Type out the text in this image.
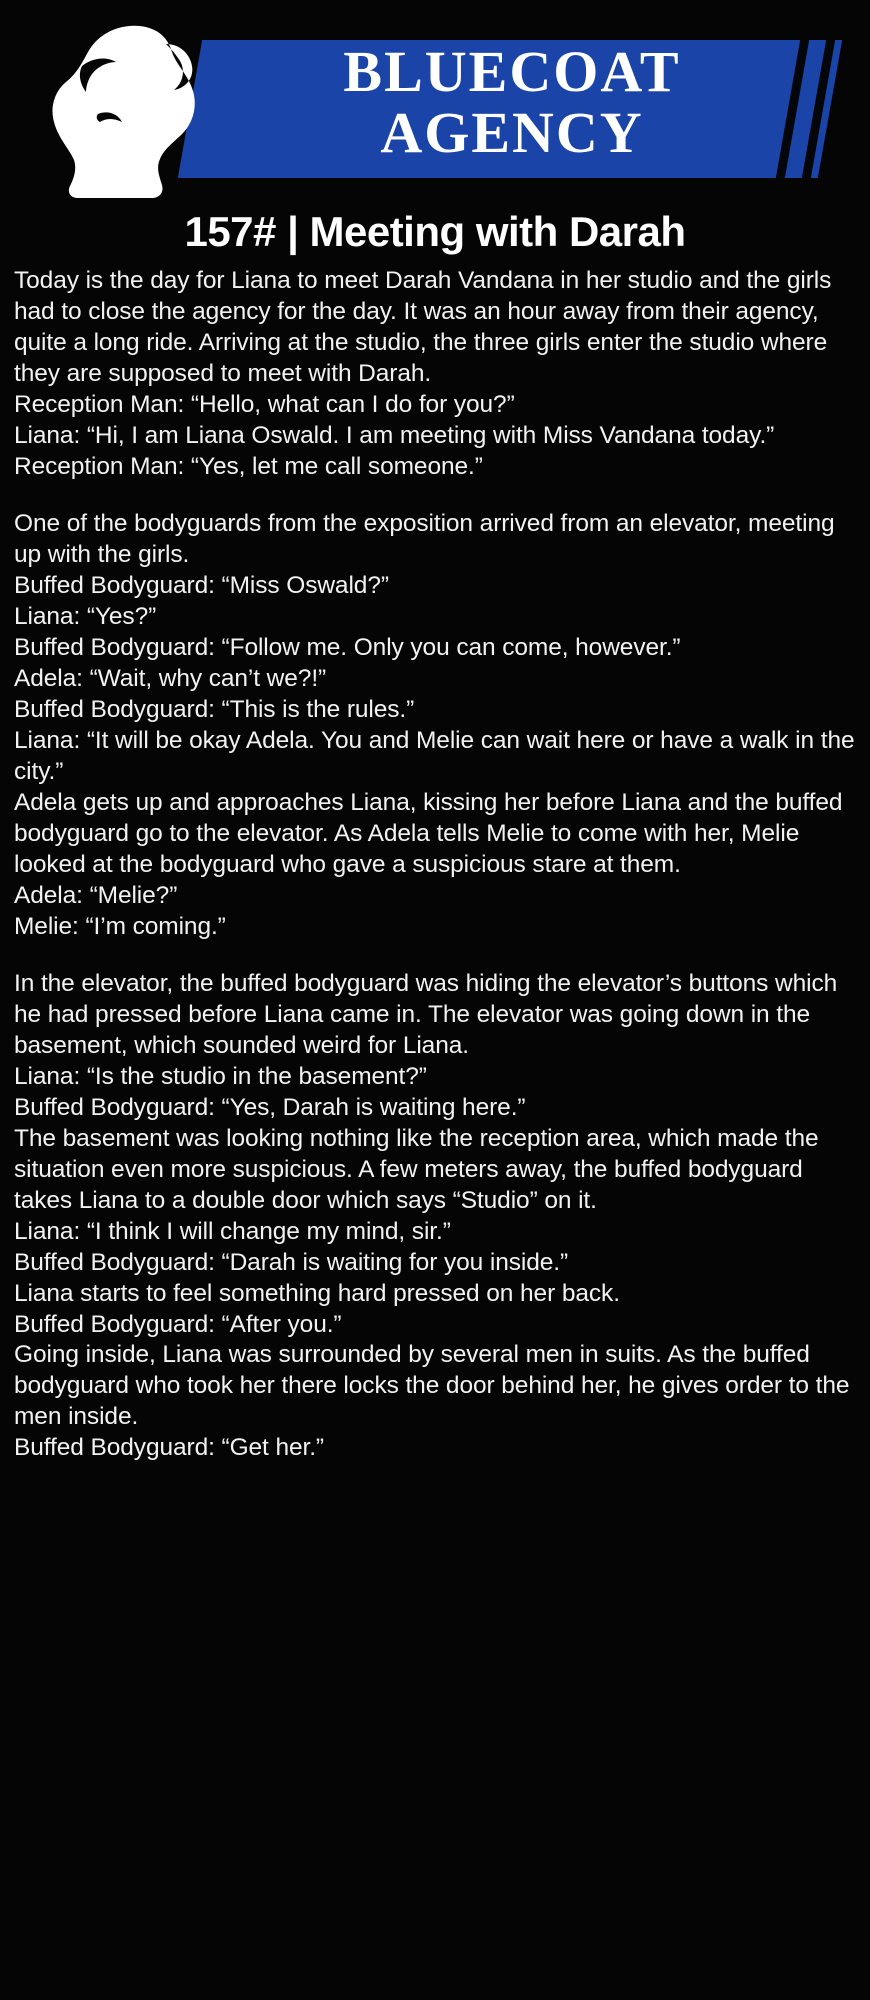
BLUECOAT
AGENCY
157# | Meeting with Darah

Today is the day for Liana to meet Darah Vandana in her studio and the girls had to close the agency for the day. It was an hour away from their agency, quite a long ride. Arriving at the studio, the three girls enter the studio where they are supposed to meet with Darah.

Reception Man: “Hello, what can I do for you?”

Liana: “Hi, I am Liana Oswald. I am meeting with Miss Vandana today.”

Reception Man: “Yes, let me call someone.”

One of the bodyguards from the exposition arrived from an elevator, meeting up with the girls.

Buffed Bodyguard: “Miss Oswald?”

Liana: “Yes?”

Buffed Bodyguard: “Follow me. Only you can come, however.”

Adela: “Wait, why can’t we?!”

Buffed Bodyguard: “This is the rules.”

Liana: “It will be okay Adela. You and Melie can wait here or have a walk in the city.”

Adela gets up and approaches Liana, kissing her before Liana and the buffed bodyguard go to the elevator. As Adela tells Melie to come with her, Melie looked at the bodyguard who gave a suspicious stare at them.

Adela: “Melie?”

Melie: “I’m coming.”

In the elevator, the buffed bodyguard was hiding the elevator’s buttons which he had pressed before Liana came in. The elevator was going down in the basement, which sounded weird for Liana.

Liana: “Is the studio in the basement?”

Buffed Bodyguard: “Yes, Darah is waiting here.”

The basement was looking nothing like the reception area, which made the situation even more suspicious. A few meters away, the buffed bodyguard takes Liana to a double door which says “Studio” on it.

Liana: “I think I will change my mind, sir.”

Buffed Bodyguard: “Darah is waiting for you inside.”

Liana starts to feel something hard pressed on her back.

Buffed Bodyguard: “After you.”

Going inside, Liana was surrounded by several men in suits. As the buffed bodyguard who took her there locks the door behind her, he gives order to the men inside.

Buffed Bodyguard: “Get her.”
